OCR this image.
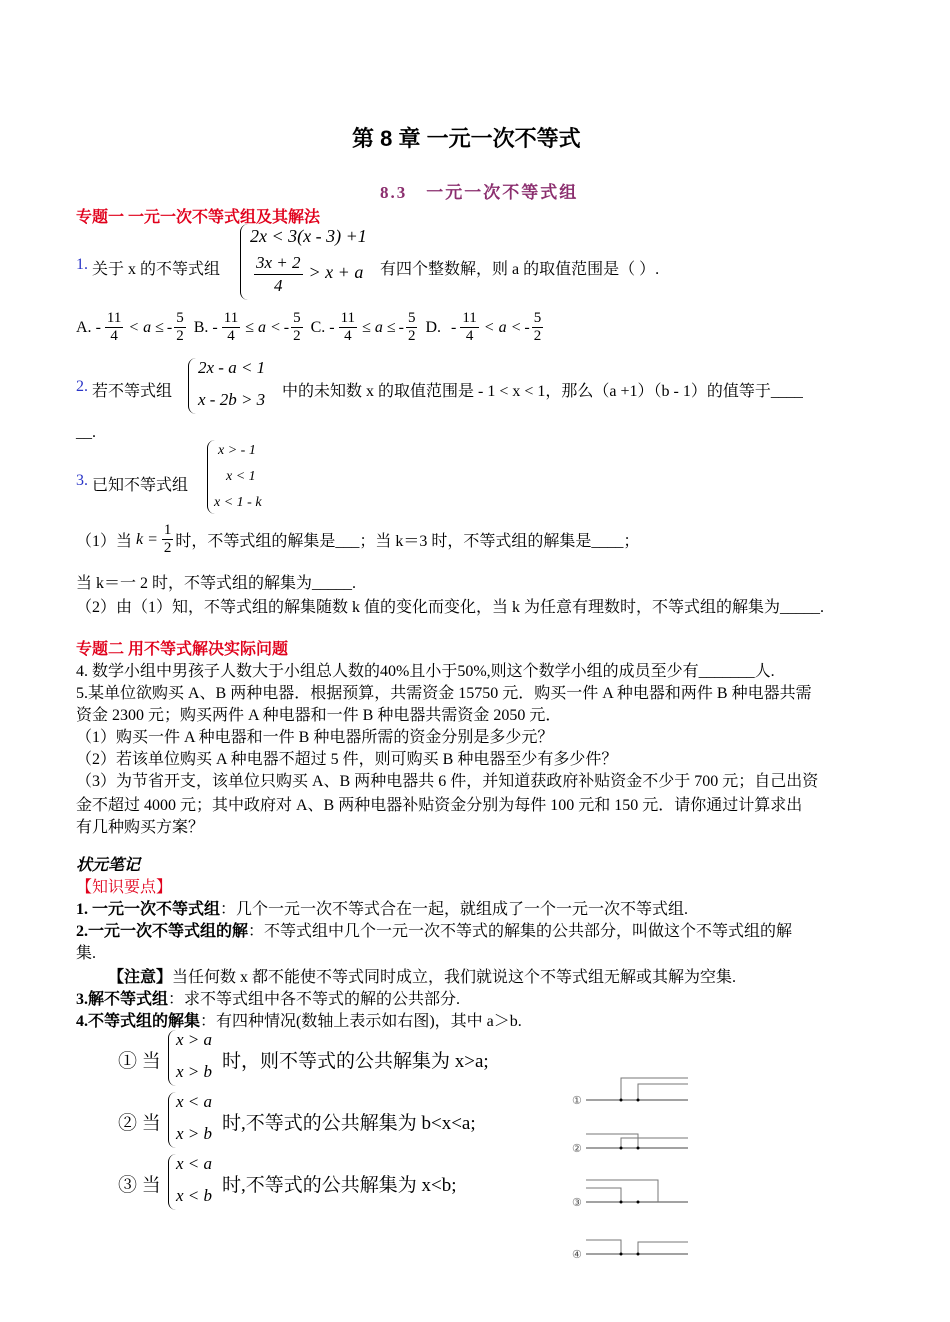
第 8 章 一元一次不等式
8.3　一元一次不等式组
专题一 一元一次不等式组及其解法
1. 关于 x 的不等式组
2x < 3(x - 3) +1
$\frac{3x + 2}{4} > x + a$ 有四个整数解，则 a 的取值范围是（ ）.
A. - $\frac{11}{4} < a$ ≤ - $\frac{5}{2} B$. - $\frac{11}{4} \le a$ < - $\frac{5}{2} C$. - $\frac{11}{4} \le a$ ≤ - $\frac{5}{2} D$. - $\frac{11}{4} < a$ < - $\frac{5}{2}$
2. 若不等式组
2x - a < 1
x - 2b > 3 中的未知数 x 的取值范围是 - 1 < x < 1，那么（a +1）（b - 1）的值等于____
__.
3. 已知不等式组
x > - 1
x < 1
x < 1 - k
（1）当 $k = \frac{1}{2}$ 时，不等式组的解集是___；当 k＝3 时，不等式组的解集是____；
当 k＝一 2 时，不等式组的解集为_____.
（2）由（1）知，不等式组的解集随数 k 值的变化而变化，当 k 为任意有理数时，不等式组的解集为_____.
专题二 用不等式解决实际问题
4. 数学小组中男孩子人数大于小组总人数的40%且小于50%,则这个数学小组的成员至少有_______人.
5.某单位欲购买 A、B 两种电器．根据预算，共需资金 15750 元．购买一件 A 种电器和两件 B 种电器共需
资金 2300 元；购买两件 A 种电器和一件 B 种电器共需资金 2050 元．
（1）购买一件 A 种电器和一件 B 种电器所需的资金分别是多少元？
（2）若该单位购买 A 种电器不超过 5 件，则可购买 B 种电器至少有多少件？
（3）为节省开支，该单位只购买 A、B 两种电器共 6 件，并知道获政府补贴资金不少于 700 元；自己出资
金不超过 4000 元；其中政府对 A、B 两种电器补贴资金分别为每件 100 元和 150 元．请你通过计算求出
有几种购买方案？
状元笔记
【知识要点】
1. 一元一次不等式组：几个一元一次不等式合在一起，就组成了一个一元一次不等式组.
2.一元一次不等式组的解：不等式组中几个一元一次不等式的解集的公共部分，叫做这个不等式组的解
集.
【注意】当任何数 x 都不能使不等式同时成立，我们就说这个不等式组无解或其解为空集.
3.解不等式组：求不等式组中各不等式的解的公共部分.
4.不等式组的解集：有四种情况(数轴上表示如右图)，其中 a＞b.
① 当
x > a
x > b 时，则不等式的公共解集为 x>a;
② 当
x < a
x > b 时,不等式的公共解集为 b<x<a;
③ 当
x < a
x < b 时,不等式的公共解集为 x<b;
①
②
③
④
